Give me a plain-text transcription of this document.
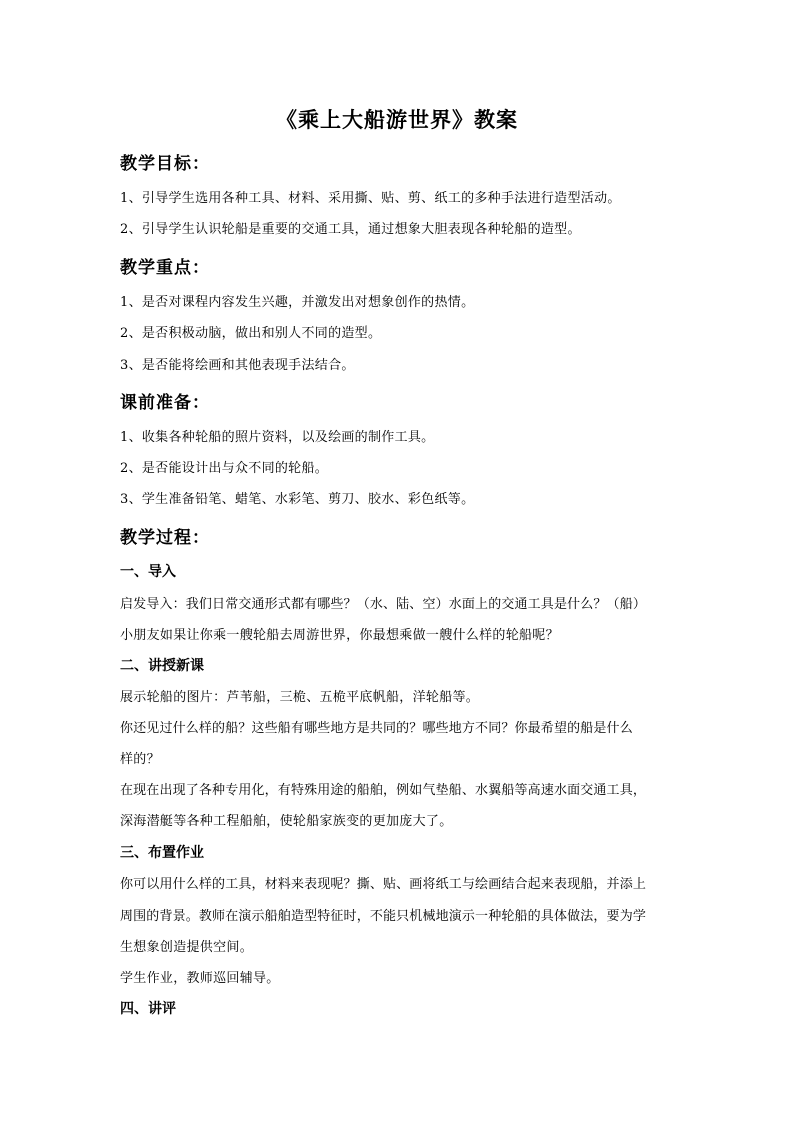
《乘上大船游世界》教案
教学目标：
1、引导学生选用各种工具、材料、采用撕、贴、剪、纸工的多种手法进行造型活动。
2、引导学生认识轮船是重要的交通工具，通过想象大胆表现各种轮船的造型。
教学重点：
1、是否对课程内容发生兴趣，并激发出对想象创作的热情。
2、是否积极动脑，做出和别人不同的造型。
3、是否能将绘画和其他表现手法结合。
课前准备：
1、收集各种轮船的照片资料，以及绘画的制作工具。
2、是否能设计出与众不同的轮船。
3、学生准备铅笔、蜡笔、水彩笔、剪刀、胶水、彩色纸等。
教学过程：
一、导入
启发导入：我们日常交通形式都有哪些？（水、陆、空）水面上的交通工具是什么？（船）
小朋友如果让你乘一艘轮船去周游世界，你最想乘做一艘什么样的轮船呢？
二、讲授新课
展示轮船的图片：芦苇船，三桅、五桅平底帆船，洋轮船等。
你还见过什么样的船？这些船有哪些地方是共同的？哪些地方不同？你最希望的船是什么
样的？
在现在出现了各种专用化，有特殊用途的船舶，例如气垫船、水翼船等高速水面交通工具，
深海潜艇等各种工程船舶，使轮船家族变的更加庞大了。
三、布置作业
你可以用什么样的工具，材料来表现呢？撕、贴、画将纸工与绘画结合起来表现船，并添上
周围的背景。教师在演示船舶造型特征时，不能只机械地演示一种轮船的具体做法，要为学
生想象创造提供空间。
学生作业，教师巡回辅导。
四、讲评
